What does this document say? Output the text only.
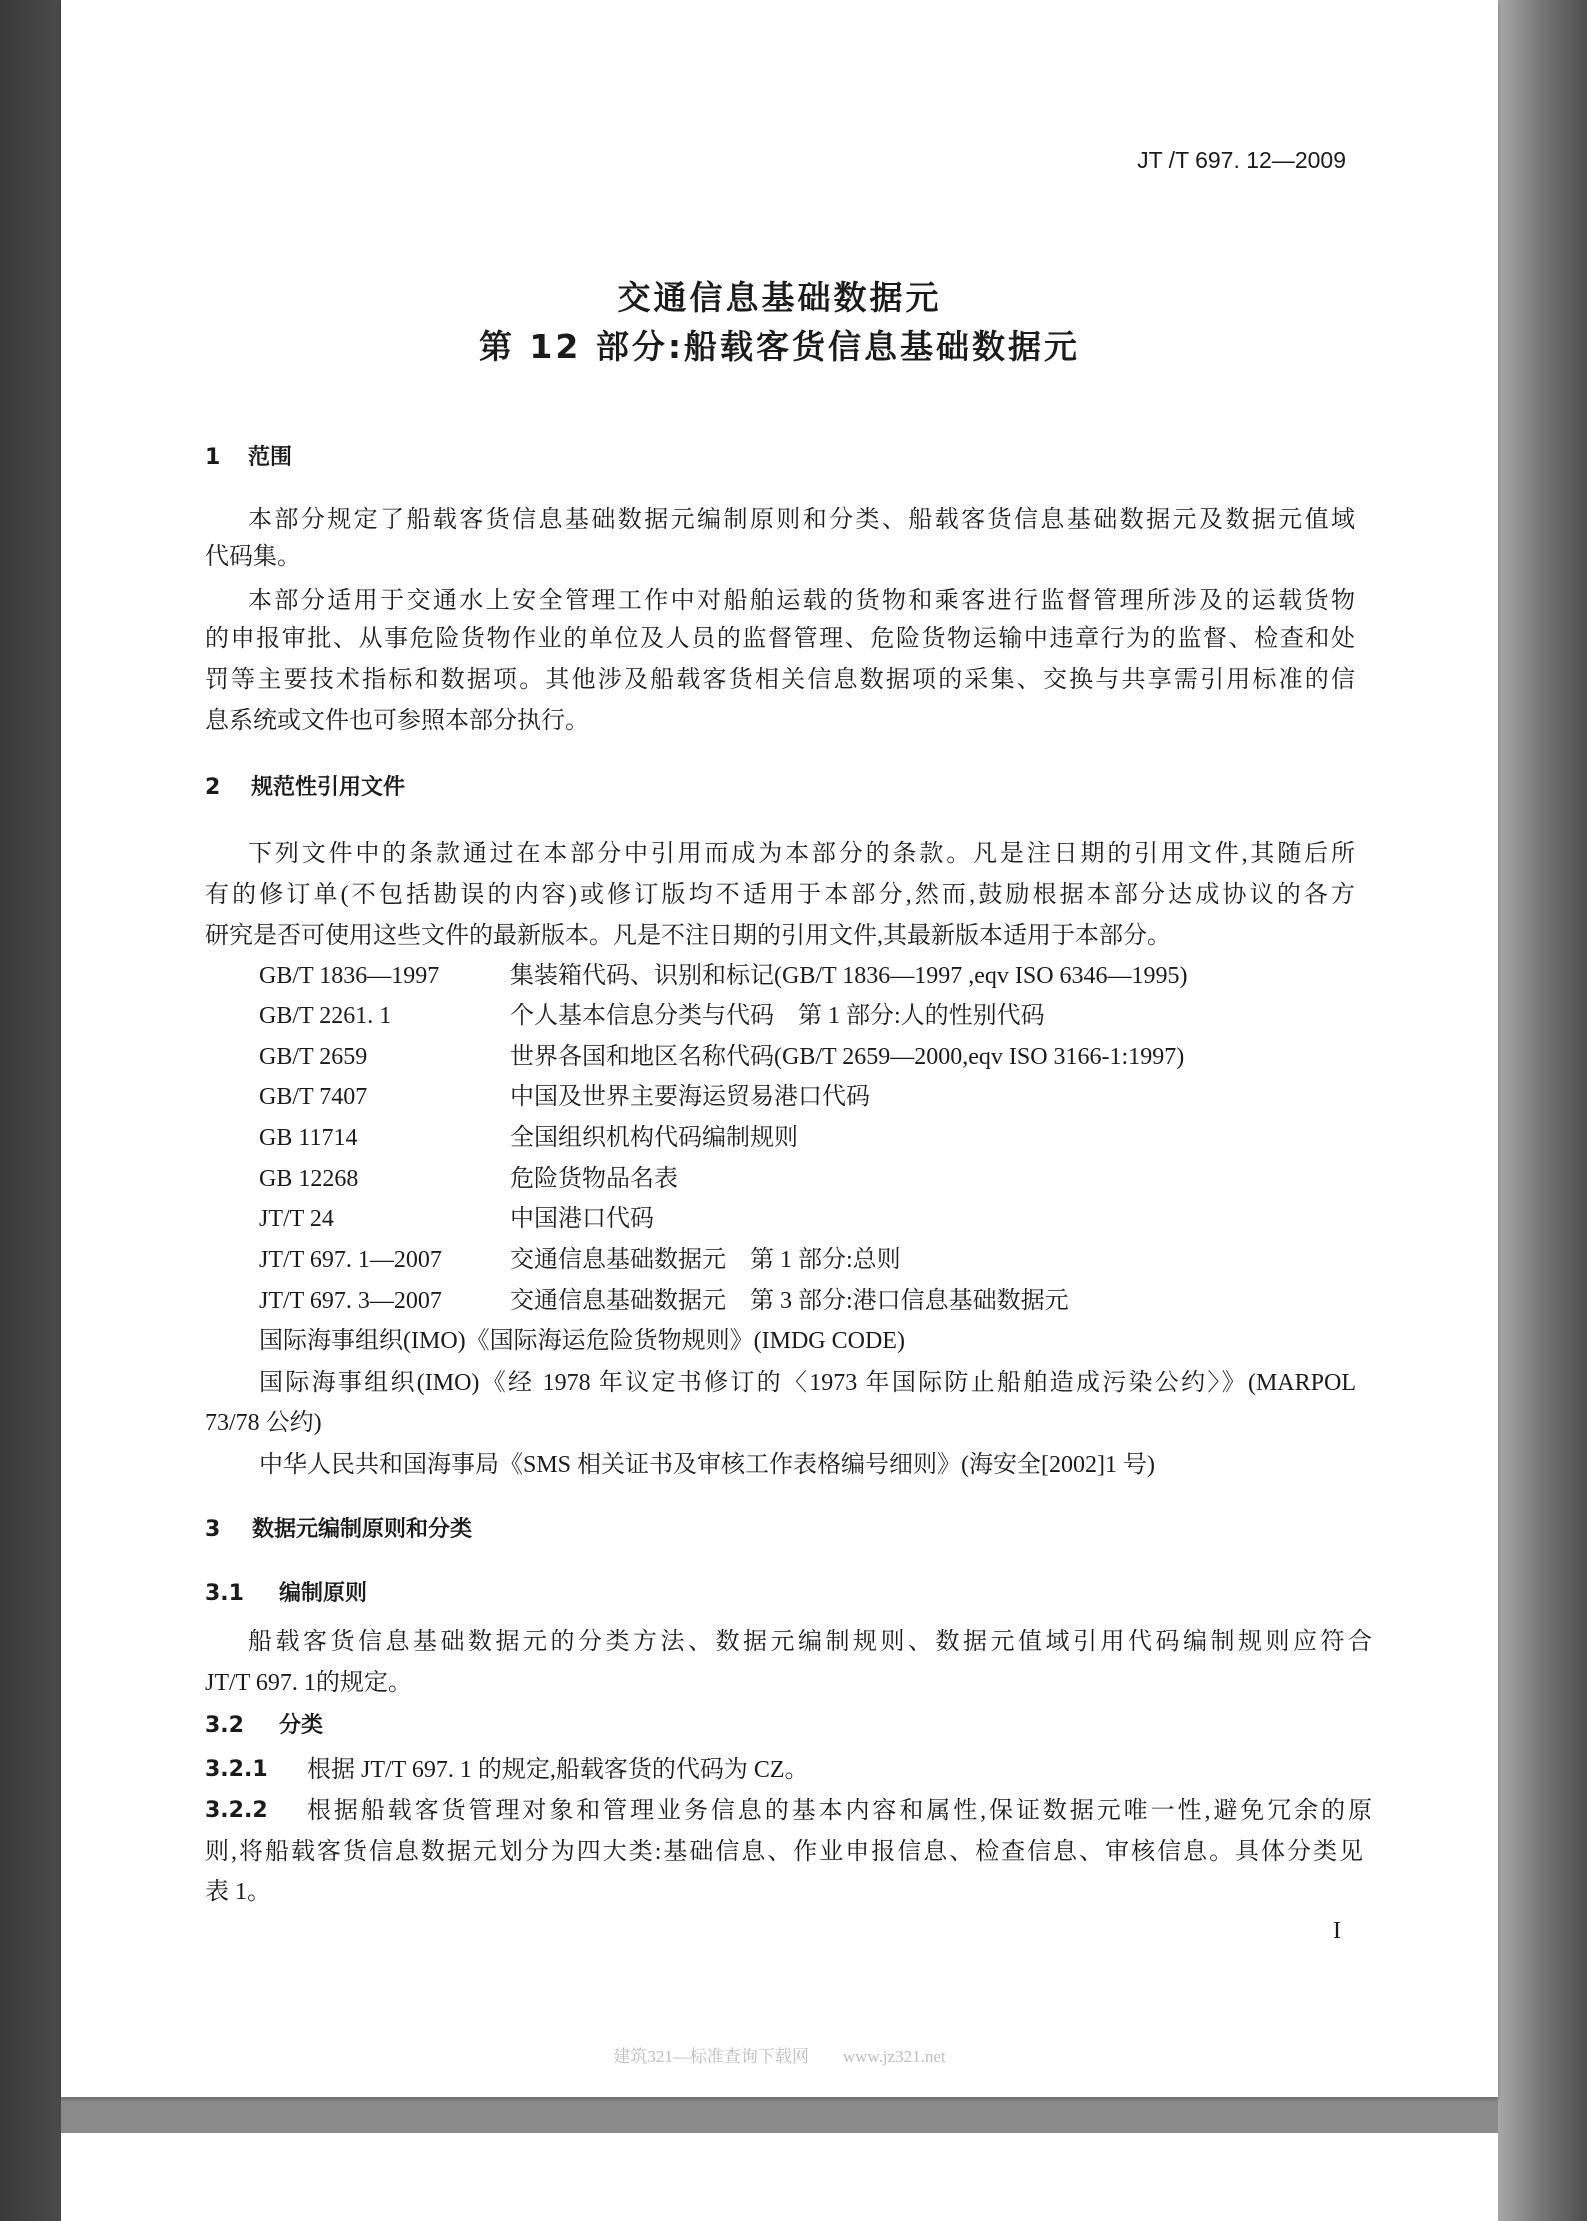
JT /T 697. 12—2009
交通信息基础数据元
第 12 部分:船载客货信息基础数据元
1 范围
本部分规定了船载客货信息基础数据元编制原则和分类、船载客货信息基础数据元及数据元值域
代码集。
本部分适用于交通水上安全管理工作中对船舶运载的货物和乘客进行监督管理所涉及的运载货物
的申报审批、从事危险货物作业的单位及人员的监督管理、危险货物运输中违章行为的监督、检查和处
罚等主要技术指标和数据项。其他涉及船载客货相关信息数据项的采集、交换与共享需引用标准的信
息系统或文件也可参照本部分执行。
2 规范性引用文件
下列文件中的条款通过在本部分中引用而成为本部分的条款。凡是注日期的引用文件,其随后所
有的修订单(不包括勘误的内容)或修订版均不适用于本部分,然而,鼓励根据本部分达成协议的各方
研究是否可使用这些文件的最新版本。凡是不注日期的引用文件,其最新版本适用于本部分。
GB/T 1836—1997	集装箱代码、识别和标记(GB/T 1836—1997 ,eqv ISO 6346—1995)
GB/T 2261. 1	个人基本信息分类与代码　第 1 部分:人的性别代码
GB/T 2659	世界各国和地区名称代码(GB/T 2659—2000,eqv ISO 3166-1:1997)
GB/T 7407	中国及世界主要海运贸易港口代码
GB 11714	全国组织机构代码编制规则
GB 12268	危险货物品名表
JT/T 24	中国港口代码
JT/T 697. 1—2007	交通信息基础数据元　第 1 部分:总则
JT/T 697. 3—2007	交通信息基础数据元　第 3 部分:港口信息基础数据元
国际海事组织(IMO)《国际海运危险货物规则》(IMDG CODE)
国际海事组织(IMO)《经 1978 年议定书修订的〈1973 年国际防止船舶造成污染公约〉》(MARPOL
73/78 公约)
中华人民共和国海事局《SMS 相关证书及审核工作表格编号细则》(海安全[2002]1 号)
3 数据元编制原则和分类
3.1 编制原则
船载客货信息基础数据元的分类方法、数据元编制规则、数据元值域引用代码编制规则应符合
JT/T 697. 1的规定。
3.2 分类
3.2.1 根据 JT/T 697. 1 的规定,船载客货的代码为 CZ。
3.2.2 根据船载客货管理对象和管理业务信息的基本内容和属性,保证数据元唯一性,避免冗余的原
则,将船载客货信息数据元划分为四大类:基础信息、作业申报信息、检查信息、审核信息。具体分类见
表 1。
I
建筑321—标准查询下载网　　www.jz321.net
